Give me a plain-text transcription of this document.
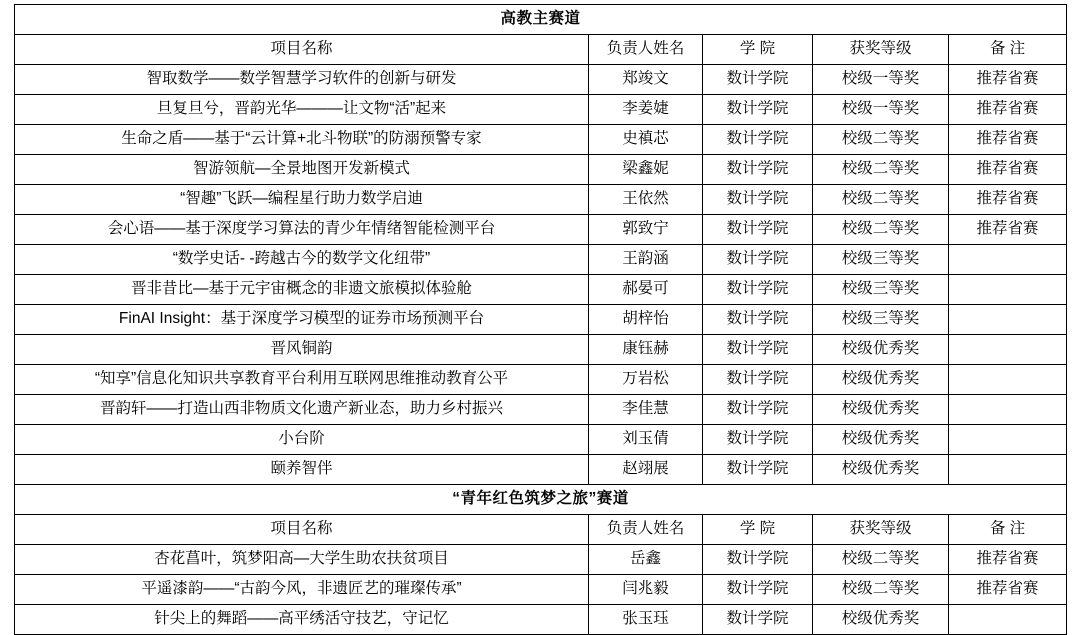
高教主赛道				
项目名称	负责人姓名	学 院	获奖等级	备 注
智取数学——数学智慧学习软件的创新与研发	郑竣文	数计学院	校级一等奖	推荐省赛
旦复旦兮，晋韵光华———让文物“活”起来	李姜婕	数计学院	校级一等奖	推荐省赛
生命之盾——基于“云计算+北斗物联”的防溺预警专家	史禛芯	数计学院	校级二等奖	推荐省赛
智游领航—全景地图开发新模式	梁鑫妮	数计学院	校级二等奖	推荐省赛
“智趣”飞跃—编程星行助力数学启迪	王依然	数计学院	校级二等奖	推荐省赛
会心语——基于深度学习算法的青少年情绪智能检测平台	郭致宁	数计学院	校级二等奖	推荐省赛
“数学史话- -跨越古今的数学文化纽带”	王韵涵	数计学院	校级三等奖	
晋非昔比—基于元宇宙概念的非遗文旅模拟体验舱	郝晏可	数计学院	校级三等奖	
FinAI Insight：基于深度学习模型的证券市场预测平台	胡梓怡	数计学院	校级三等奖	
晋风铜韵	康钰赫	数计学院	校级优秀奖	
“知享”信息化知识共享教育平台利用互联网思维推动教育公平	万岩松	数计学院	校级优秀奖	
晋韵轩——打造山西非物质文化遗产新业态，助力乡村振兴	李佳慧	数计学院	校级优秀奖	
小台阶	刘玉倩	数计学院	校级优秀奖	
颐养智伴	赵翊展	数计学院	校级优秀奖	
“青年红色筑梦之旅”赛道				
项目名称	负责人姓名	学 院	获奖等级	备 注
杏花菖叶，筑梦阳高—大学生助农扶贫项目	岳鑫	数计学院	校级二等奖	推荐省赛
平遥漆韵——“古韵今风，非遗匠艺的璀璨传承”	闫兆毅	数计学院	校级二等奖	推荐省赛
针尖上的舞蹈——高平绣活守技艺，守记忆	张玉珏	数计学院	校级优秀奖	
